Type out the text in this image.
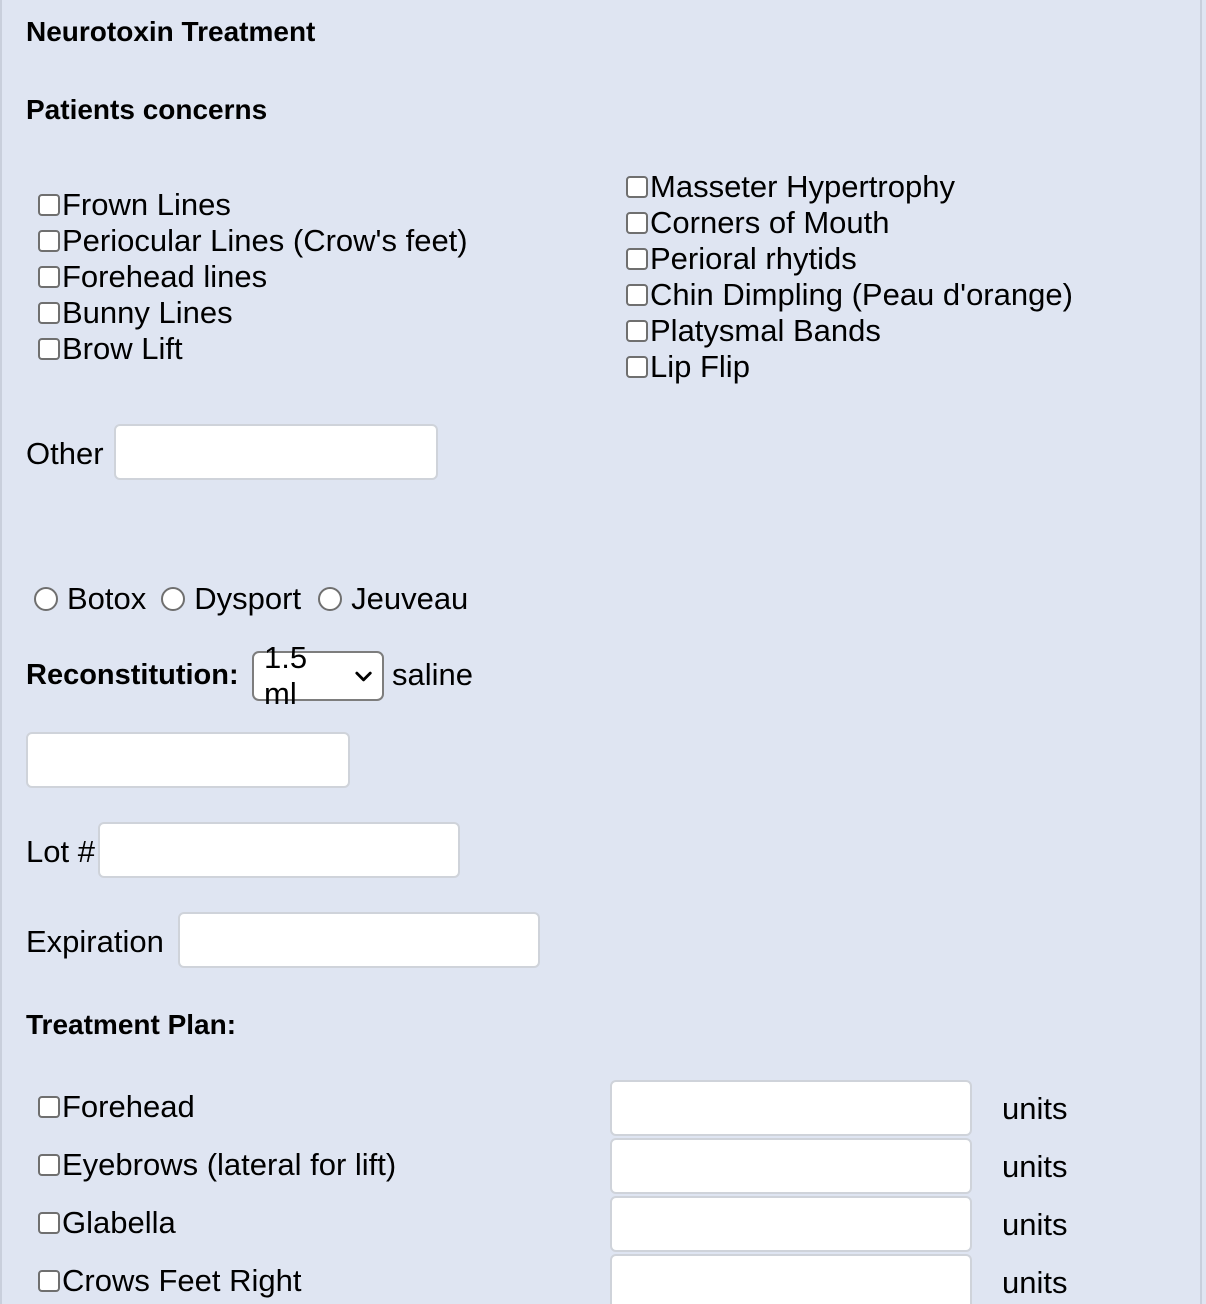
Neurotoxin Treatment
Patients concerns
Frown Lines
Periocular Lines (Crow's feet)
Forehead lines
Bunny Lines
Brow Lift
Masseter Hypertrophy
Corners of Mouth
Perioral rhytids
Chin Dimpling (Peau d'orange)
Platysmal Bands
Lip Flip
Other
Botox Dysport Jeuveau
Reconstitution: 1.5 ml
saline
Lot #
Expiration
Treatment Plan:
Forehead	units
Eyebrows (lateral for lift)	units
Glabella	units
Crows Feet Right	units
